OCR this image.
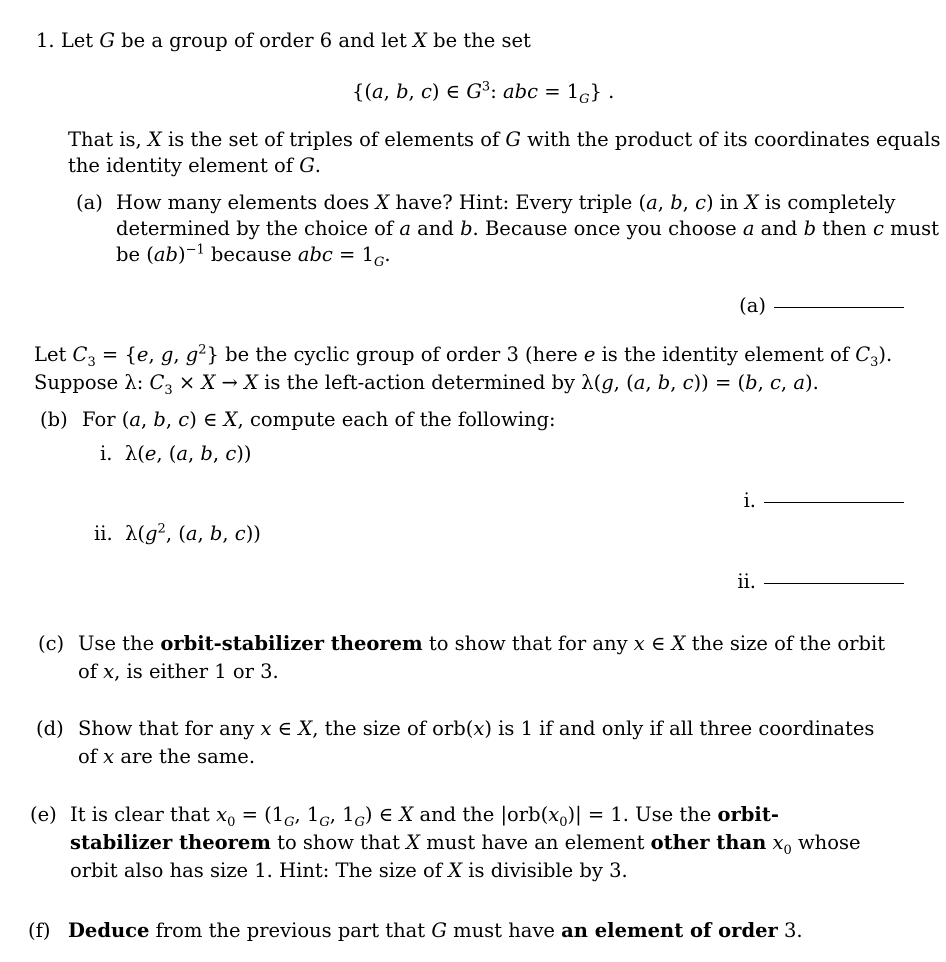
1. Let G be a group of order 6 and let X be the set
{(a, b, c) ∈ $G^3$: abc = $1_G$} .
That is, X is the set of triples of elements of G with the product of its coordinates equals
the identity element of G.
(a) How many elements does X have? Hint: Every triple (a, b, c) in X is completely
determined by the choice of a and b. Because once you choose a and b then c must
be (ab)$^{-1}$ because abc = $1_G$.
(a)
Let $C_3 = \{e$, g, $g^2$} be the cyclic group of order 3 (here e is the identity element of $C_3$).
Suppose λ: $C_3 \times X \to X$ is the left-action determined by λ(g, (a, b, c)) = (b, c, a).
(b) For (a, b, c) ∈ X, compute each of the following:
i. λ(e, (a, b, c))
i.
ii. $\lambda(g^2$, (a, b, c))
ii.
(c) Use the orbit-stabilizer theorem to show that for any x ∈ X the size of the orbit
of x, is either 1 or 3.
(d) Show that for any x ∈ X, the size of orb(x) is 1 if and only if all three coordinates
of x are the same.
(e) It is clear that $x_0 = (1_G$, $1_G$, $1_G$) ∈ X and the $|orb(x_0)| = 1$. Use the orbit-
stabilizer theorem to show that X must have an element other than $x_0$ whose
orbit also has size 1. Hint: The size of X is divisible by 3.
(f) Deduce from the previous part that G must have an element of order 3.
